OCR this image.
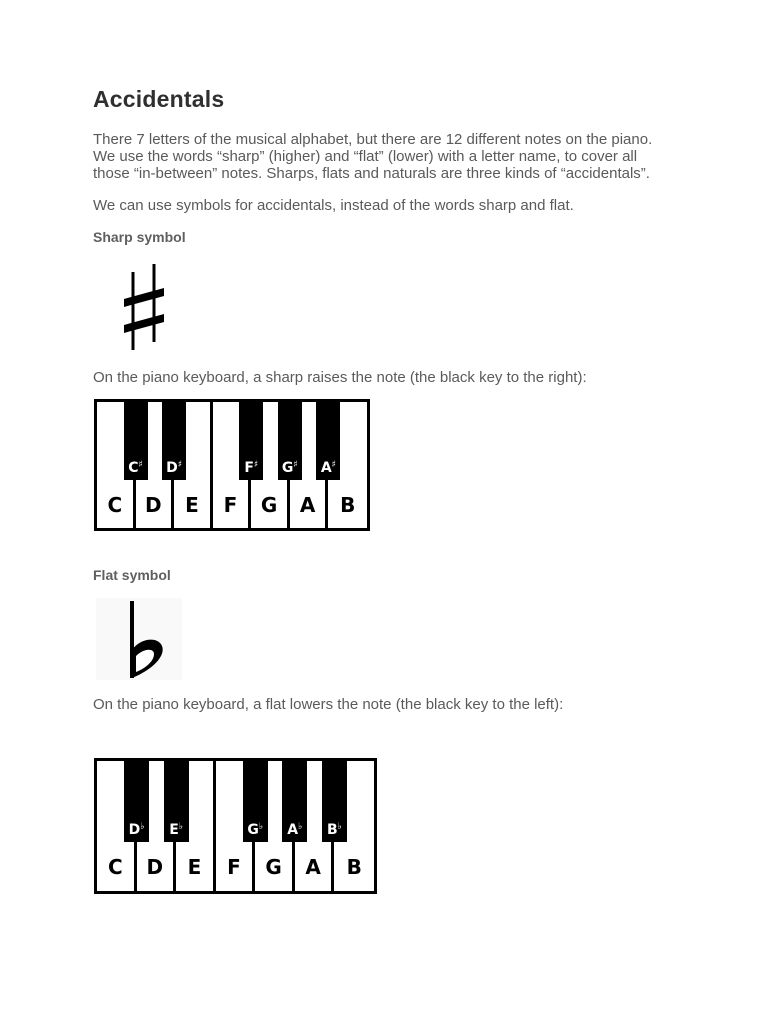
Accidentals

There 7 letters of the musical alphabet, but there are 12 different notes on the piano.
We use the words “sharp” (higher) and “flat” (lower) with a letter name, to cover all
those “in-between” notes. Sharps, flats and naturals are three kinds of “accidentals”.

We can use symbols for accidentals, instead of the words sharp and flat.

Sharp symbol

On the piano keyboard, a sharp raises the note (the black key to the right):

C	D	E	F	G	A	B
C♯	D♯	F♯	G♯	A♯
Flat symbol

On the piano keyboard, a flat lowers the note (the black key to the left):

C	D	E	F	G	A	B
D♭	E♭	G♭	A♭	B♭
